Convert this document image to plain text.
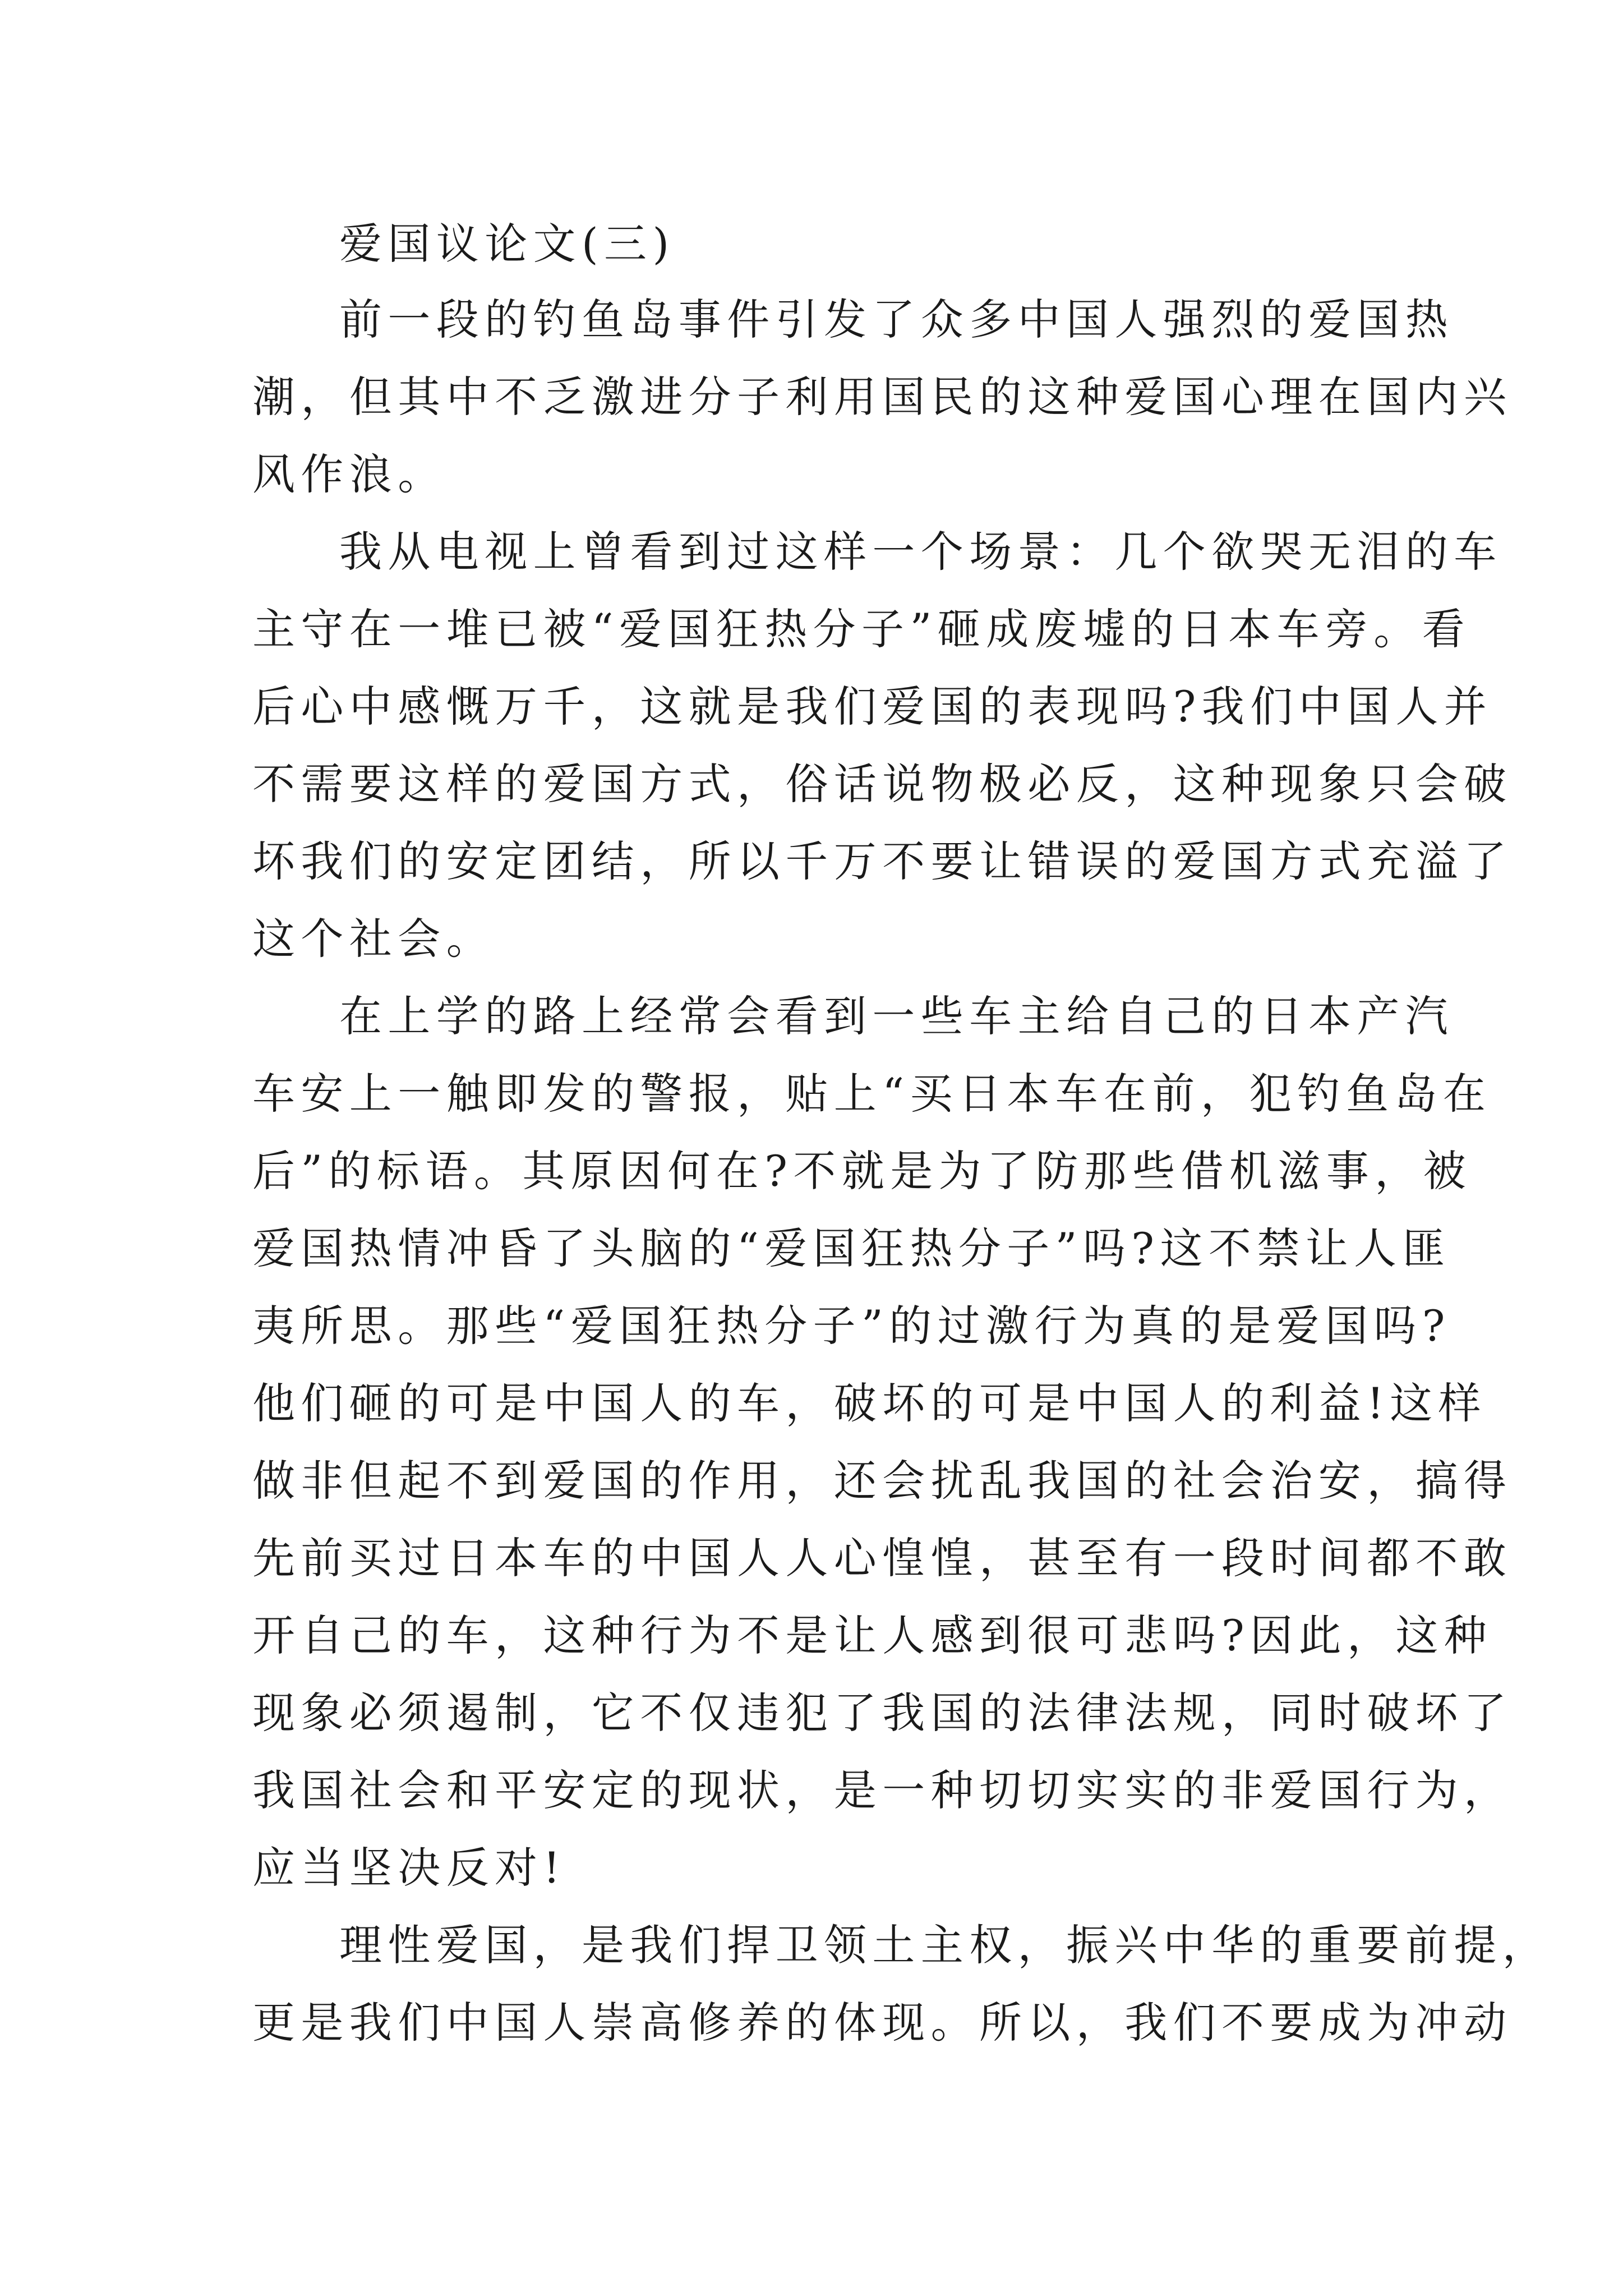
爱国议论文(三)
前一段的钓鱼岛事件引发了众多中国人强烈的爱国热
潮，但其中不乏激进分子利用国民的这种爱国心理在国内兴
风作浪。
我从电视上曾看到过这样一个场景：几个欲哭无泪的车
主守在一堆已被“爱国狂热分子”砸成废墟的日本车旁。看
后心中感慨万千，这就是我们爱国的表现吗?我们中国人并
不需要这样的爱国方式，俗话说物极必反，这种现象只会破
坏我们的安定团结，所以千万不要让错误的爱国方式充溢了
这个社会。
在上学的路上经常会看到一些车主给自己的日本产汽
车安上一触即发的警报，贴上“买日本车在前，犯钓鱼岛在
后”的标语。其原因何在?不就是为了防那些借机滋事，被
爱国热情冲昏了头脑的“爱国狂热分子”吗?这不禁让人匪
夷所思。那些“爱国狂热分子”的过激行为真的是爱国吗?
他们砸的可是中国人的车，破坏的可是中国人的利益!这样
做非但起不到爱国的作用，还会扰乱我国的社会治安，搞得
先前买过日本车的中国人人心惶惶，甚至有一段时间都不敢
开自己的车，这种行为不是让人感到很可悲吗?因此，这种
现象必须遏制，它不仅违犯了我国的法律法规，同时破坏了
我国社会和平安定的现状，是一种切切实实的非爱国行为，
应当坚决反对!
理性爱国，是我们捍卫领土主权，振兴中华的重要前提，
更是我们中国人崇高修养的体现。所以，我们不要成为冲动
